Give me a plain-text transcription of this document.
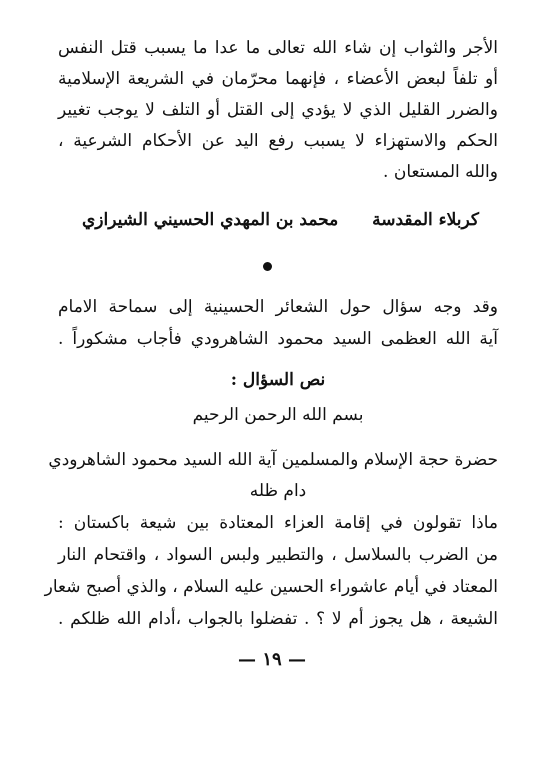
الأجر والثواب إن شاء الله تعالى ما عدا ما يسبب قتل النفس
أو تلفاً لبعض الأعضاء ، فإنهما محرّمان في الشريعة الإسلامية
والضرر القليل الذي لا يؤدي إلى القتل أو التلف لا يوجب تغيير
الحكم والاستهزاء لا يسبب رفع اليد عن الأحكام الشرعية ،
والله المستعان .
كربلاء المقدسة
محمد بن المهدي الحسيني الشيرازي
وقد وجه سؤال حول الشعائر الحسينية إلى سماحة الامام
آية الله العظمى السيد محمود الشاهرودي فأجاب مشكوراً .
نص السؤال :
بسم الله الرحمن الرحيم
حضرة حجة الإسلام والمسلمين آية الله السيد محمود الشاهرودي
دام ظله
ماذا تقولون في إقامة العزاء المعتادة بين شيعة باكستان :
من الضرب بالسلاسل ، والتطبير ولبس السواد ، واقتحام النار
المعتاد في أيام عاشوراء الحسين عليه السلام ، والذي أصبح شعار
الشيعة ، هل يجوز أم لا ؟ . تفضلوا بالجواب ،أدام الله ظلكم .
— ١٩ —
